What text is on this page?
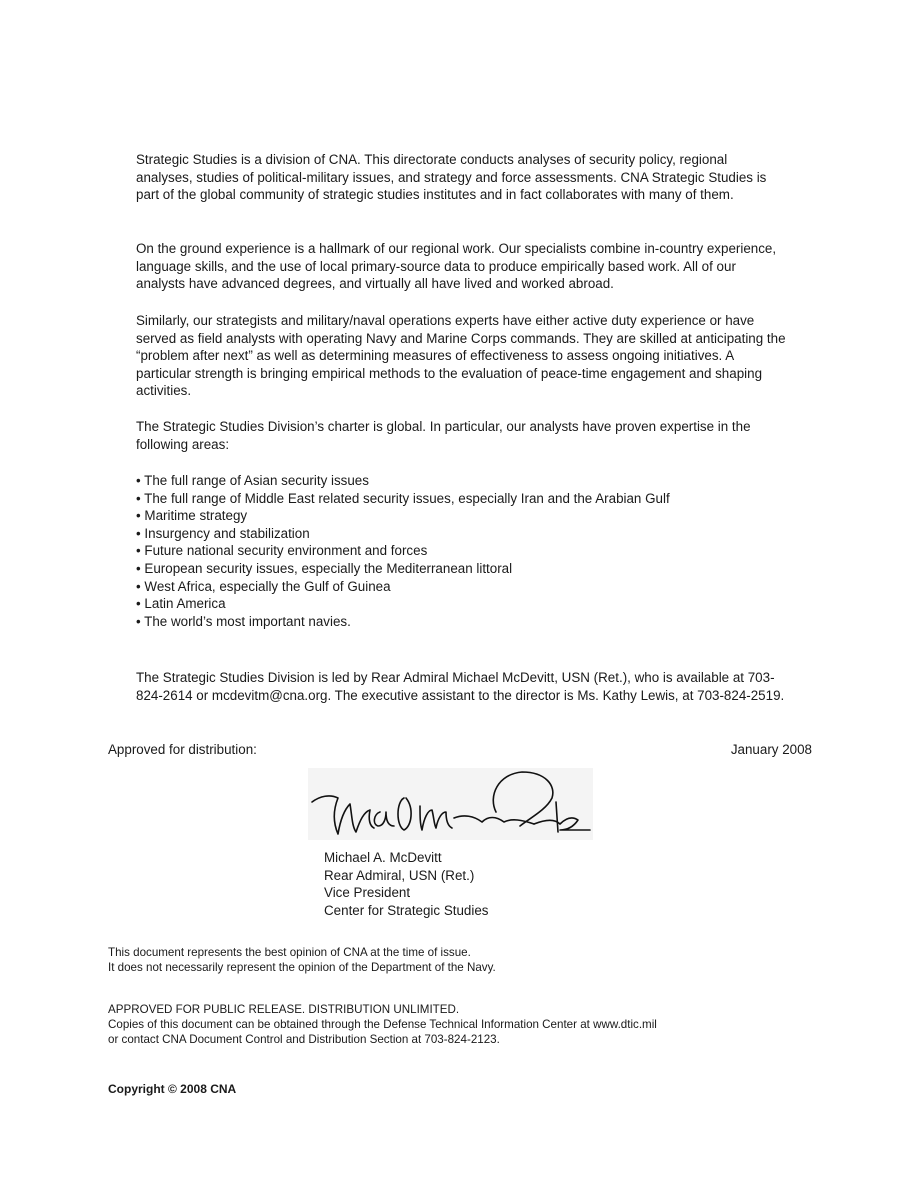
Strategic Studies is a division of CNA. This directorate conducts analyses of security policy, regional analyses, studies of political-military issues, and strategy and force assessments. CNA Strategic Studies is part of the global community of strategic studies institutes and in fact collaborates with many of them.

On the ground experience is a hallmark of our regional work. Our specialists combine in-country experience, language skills, and the use of local primary-source data to produce empirically based work. All of our analysts have advanced degrees, and virtually all have lived and worked abroad.

Similarly, our strategists and military/naval operations experts have either active duty experience or have served as field analysts with operating Navy and Marine Corps commands. They are skilled at anticipating the “problem after next” as well as determining measures of effectiveness to assess ongoing initiatives. A particular strength is bringing empirical methods to the evaluation of peace-time engagement and shaping activities.

The Strategic Studies Division’s charter is global. In particular, our analysts have proven expertise in the following areas:

• The full range of Asian security issues
• The full range of Middle East related security issues, especially Iran and the Arabian Gulf
• Maritime strategy
• Insurgency and stabilization
• Future national security environment and forces
• European security issues, especially the Mediterranean littoral
• West Africa, especially the Gulf of Guinea
• Latin America
• The world’s most important navies.

The Strategic Studies Division is led by Rear Admiral Michael McDevitt, USN (Ret.), who is available at 703-824-2614 or mcdevitm@cna.org. The executive assistant to the director is Ms. Kathy Lewis, at 703-824-2519.

Approved for distribution:	January 2008
Michael A. McDevitt
Rear Admiral, USN (Ret.)
Vice President
Center for Strategic Studies
This document represents the best opinion of CNA at the time of issue.
It does not necessarily represent the opinion of the Department of the Navy.
APPROVED FOR PUBLIC RELEASE. DISTRIBUTION UNLIMITED.
Copies of this document can be obtained through the Defense Technical Information Center at www.dtic.mil
or contact CNA Document Control and Distribution Section at 703-824-2123.
Copyright © 2008 CNA
